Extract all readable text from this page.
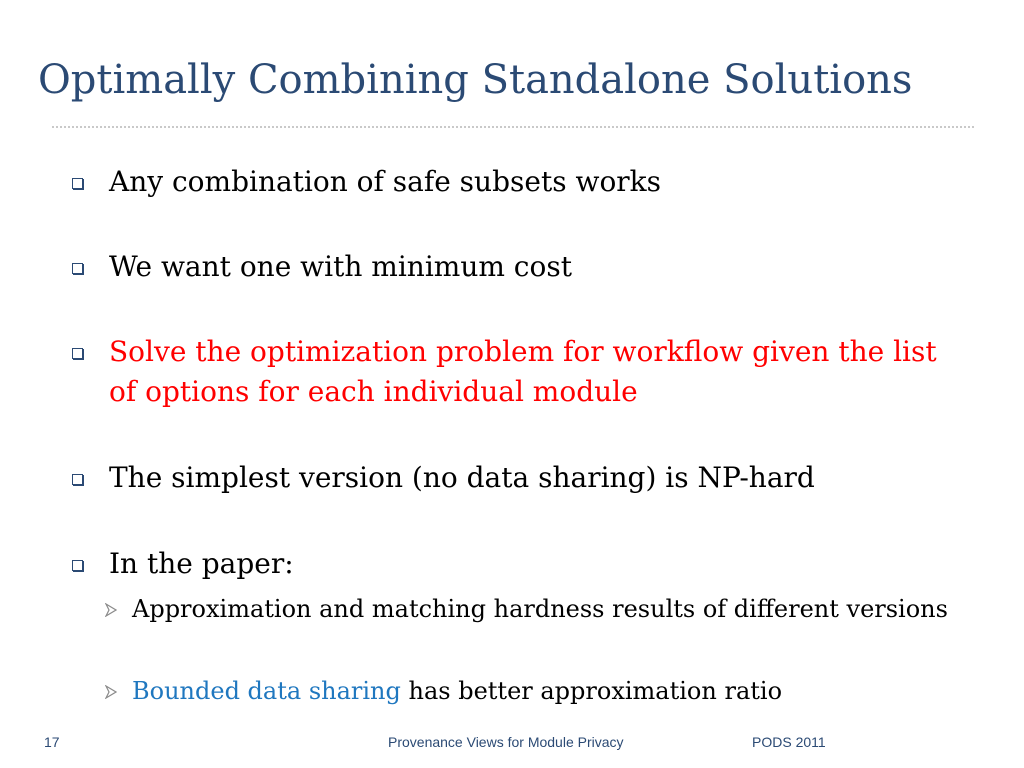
Optimally Combining Standalone Solutions
Any combination of safe subsets works
We want one with minimum cost
Solve the optimization problem for workflow given the list of options for each individual module
The simplest version (no data sharing) is NP-hard
In the paper:
Approximation and matching hardness results of different versions
Bounded data sharing has better approximation ratio
17	Provenance Views for Module Privacy	PODS 2011
